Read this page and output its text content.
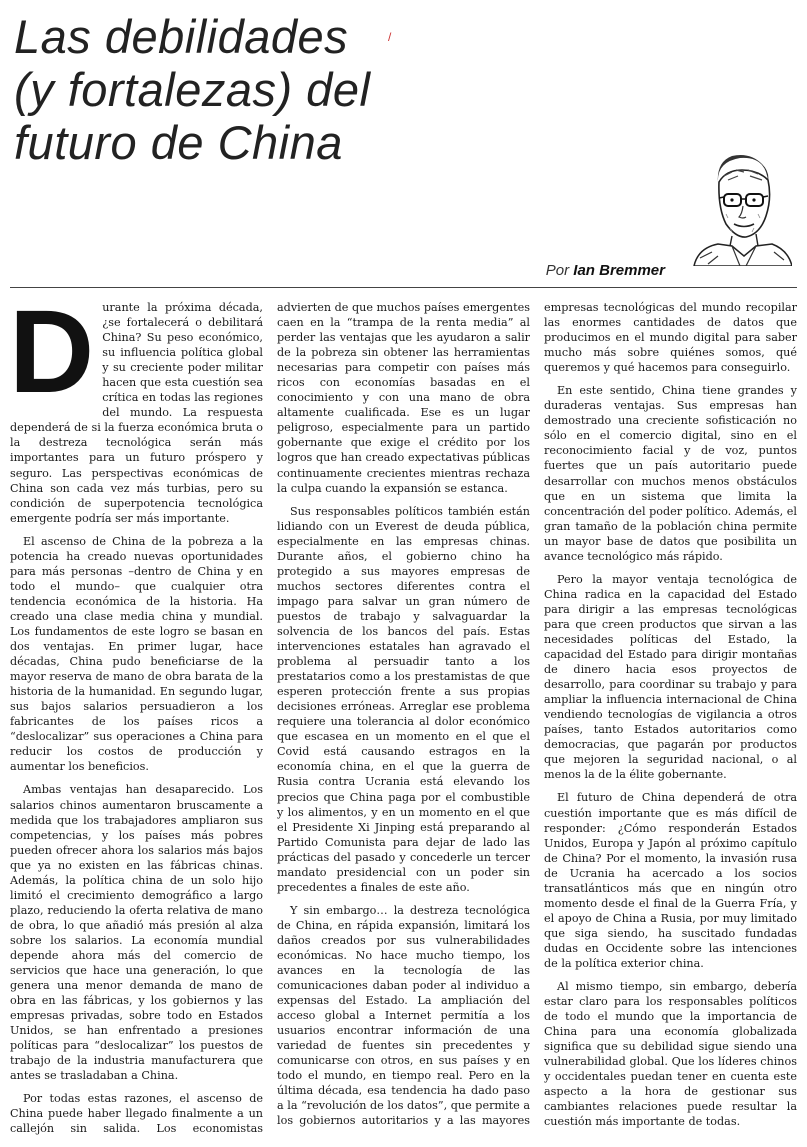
Las debilidades
(y fortalezas) del
futuro de China
/
Por Ian Bremmer

Durante la próxima década, ¿se fortalecerá o debilitará China? Su peso económico, su influencia política global y su creciente poder militar hacen que esta cuestión sea crítica en todas las regiones del mundo. La respuesta dependerá de si la fuerza económica bruta o la destreza tecnológica serán más importantes para un futuro próspero y seguro. Las perspectivas económicas de China son cada vez más turbias, pero su condición de superpotencia tecnológica emergente podría ser más importante.

El ascenso de China de la pobreza a la potencia ha creado nuevas oportunidades para más personas –dentro de China y en todo el mundo– que cualquier otra tendencia económica de la historia. Ha creado una clase media china y mundial. Los fundamentos de este logro se basan en dos ventajas. En primer lugar, hace décadas, China pudo beneficiarse de la mayor reserva de mano de obra barata de la historia de la humanidad. En segundo lugar, sus bajos salarios persuadieron a los fabricantes de los países ricos a “deslocalizar” sus operaciones a China para reducir los costos de producción y aumentar los beneficios.

Ambas ventajas han desaparecido. Los salarios chinos aumentaron bruscamente a medida que los trabajadores ampliaron sus competencias, y los países más pobres pueden ofrecer ahora los salarios más bajos que ya no existen en las fábricas chinas. Además, la política china de un solo hijo limitó el crecimiento demográfico a largo plazo, reduciendo la oferta relativa de mano de obra, lo que añadió más presión al alza sobre los salarios. La economía mundial depende ahora más del comercio de servicios que hace una generación, lo que genera una menor demanda de mano de obra en las fábricas, y los gobiernos y las empresas privadas, sobre todo en Estados Unidos, se han enfrentado a presiones políticas para “deslocalizar” los puestos de trabajo de la industria manufacturera que antes se trasladaban a China.

Por todas estas razones, el ascenso de China puede haber llegado finalmente a un callejón sin salida. Los economistas advierten de que muchos países emergentes caen en la “trampa de la renta media” al perder las ventajas que les ayudaron a salir de la pobreza sin obtener las herramientas necesarias para competir con países más ricos con economías basadas en el conocimiento y con una mano de obra altamente cualificada. Ese es un lugar peligroso, especialmente para un partido gobernante que exige el crédito por los logros que han creado expectativas públicas continuamente crecientes mientras rechaza la culpa cuando la expansión se estanca.

Sus responsables políticos también están lidiando con un Everest de deuda pública, especialmente en las empresas chinas. Durante años, el gobierno chino ha protegido a sus mayores empresas de muchos sectores diferentes contra el impago para salvar un gran número de puestos de trabajo y salvaguardar la solvencia de los bancos del país. Estas intervenciones estatales han agravado el problema al persuadir tanto a los prestatarios como a los prestamistas de que esperen protección frente a sus propias decisiones erróneas. Arreglar ese problema requiere una tolerancia al dolor económico que escasea en un momento en el que el Covid está causando estragos en la economía china, en el que la guerra de Rusia contra Ucrania está elevando los precios que China paga por el combustible y los alimentos, y en un momento en el que el Presidente Xi Jinping está preparando al Partido Comunista para dejar de lado las prácticas del pasado y concederle un tercer mandato presidencial con un poder sin precedentes a finales de este año.

Y sin embargo… la destreza tecnológica de China, en rápida expansión, limitará los daños creados por sus vulnerabilidades económicas. No hace mucho tiempo, los avances en la tecnología de las comunicaciones daban poder al individuo a expensas del Estado. La ampliación del acceso global a Internet permitía a los usuarios encontrar información de una variedad de fuentes sin precedentes y comunicarse con otros, en sus países y en todo el mundo, en tiempo real. Pero en la última década, esa tendencia ha dado paso a la “revolución de los datos”, que permite a los gobiernos autoritarios y a las mayores empresas tecnológicas del mundo recopilar las enormes cantidades de datos que producimos en el mundo digital para saber mucho más sobre quiénes somos, qué queremos y qué hacemos para conseguirlo.

En este sentido, China tiene grandes y duraderas ventajas. Sus empresas han demostrado una creciente sofisticación no sólo en el comercio digital, sino en el reconocimiento facial y de voz, puntos fuertes que un país autoritario puede desarrollar con muchos menos obstáculos que en un sistema que limita la concentración del poder político. Además, el gran tamaño de la población china permite un mayor base de datos que posibilita un avance tecnológico más rápido.

Pero la mayor ventaja tecnológica de China radica en la capacidad del Estado para dirigir a las empresas tecnológicas para que creen productos que sirvan a las necesidades políticas del Estado, la capacidad del Estado para dirigir montañas de dinero hacia esos proyectos de desarrollo, para coordinar su trabajo y para ampliar la influencia internacional de China vendiendo tecnologías de vigilancia a otros países, tanto Estados autoritarios como democracias, que pagarán por productos que mejoren la seguridad nacional, o al menos la de la élite gobernante.

El futuro de China dependerá de otra cuestión importante que es más difícil de responder: ¿Cómo responderán Estados Unidos, Europa y Japón al próximo capítulo de China? Por el momento, la invasión rusa de Ucrania ha acercado a los socios transatlánticos más que en ningún otro momento desde el final de la Guerra Fría, y el apoyo de China a Rusia, por muy limitado que siga siendo, ha suscitado fundadas dudas en Occidente sobre las intenciones de la política exterior china.

Al mismo tiempo, sin embargo, debería estar claro para los responsables políticos de todo el mundo que la importancia de China para una economía globalizada significa que su debilidad sigue siendo una vulnerabilidad global. Que los líderes chinos y occidentales puedan tener en cuenta este aspecto a la hora de gestionar sus cambiantes relaciones puede resultar la cuestión más importante de todas.
